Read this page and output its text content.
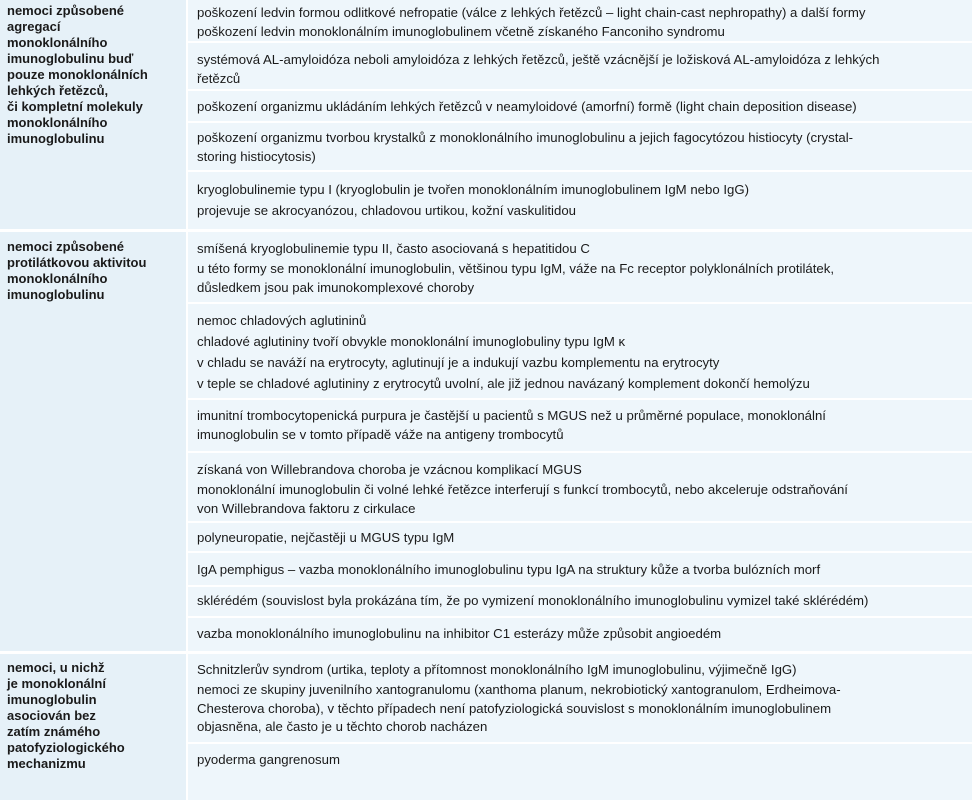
nemoci způsobené
agregací
monoklonálního
imunoglobulinu buď
pouze monoklonálních
lehkých řetězců,
či kompletní molekuly
monoklonálního
imunoglobulinu
poškození ledvin formou odlitkové nefropatie (válce z lehkých řetězců – light chain-cast nephropathy) a další formy
poškození ledvin monoklonálním imunoglobulinem včetně získaného Fanconiho syndromu
systémová AL-amyloidóza neboli amyloidóza z lehkých řetězců, ještě vzácnější je ložisková AL-amyloidóza z lehkých
řetězců
poškození organizmu ukládáním lehkých řetězců v neamyloidové (amorfní) formě (light chain deposition disease)
poškození organizmu tvorbou krystalků z monoklonálního imunoglobulinu a jejich fagocytózou histiocyty (crystal-
storing histiocytosis)
kryoglobulinemie typu I (kryoglobulin je tvořen monoklonálním imunoglobulinem IgM nebo IgG)
projevuje se akrocyanózou, chladovou urtikou, kožní vaskulitidou
nemoci způsobené
protilátkovou aktivitou
monoklonálního
imunoglobulinu
smíšená kryoglobulinemie typu II, často asociovaná s hepatitidou C
u této formy se monoklonální imunoglobulin, většinou typu IgM, váže na Fc receptor polyklonálních protilátek,
důsledkem jsou pak imunokomplexové choroby
nemoc chladových aglutininů
chladové aglutininy tvoří obvykle monoklonální imunoglobuliny typu IgM κ
v chladu se naváží na erytrocyty, aglutinují je a indukují vazbu komplementu na erytrocyty
v teple se chladové aglutininy z erytrocytů uvolní, ale již jednou navázaný komplement dokončí hemolýzu
imunitní trombocytopenická purpura je častější u pacientů s MGUS než u průměrné populace, monoklonální
imunoglobulin se v tomto případě váže na antigeny trombocytů
získaná von Willebrandova choroba je vzácnou komplikací MGUS
monoklonální imunoglobulin či volné lehké řetězce interferují s funkcí trombocytů, nebo akceleruje odstraňování
von Willebrandova faktoru z cirkulace
polyneuropatie, nejčastěji u MGUS typu IgM
IgA pemphigus – vazba monoklonálního imunoglobulinu typu IgA na struktury kůže a tvorba bulózních morf
sklérédém (souvislost byla prokázána tím, že po vymizení monoklonálního imunoglobulinu vymizel také sklérédém)
vazba monoklonálního imunoglobulinu na inhibitor C1 esterázy může způsobit angioedém
nemoci, u nichž
je monoklonální
imunoglobulin
asociován bez
zatím známého
patofyziologického
mechanizmu
Schnitzlerův syndrom (urtika, teploty a přítomnost monoklonálního IgM imunoglobulinu, výjimečně IgG)
nemoci ze skupiny juvenilního xantogranulomu (xanthoma planum, nekrobiotický xantogranulom, Erdheimova-
Chesterova choroba), v těchto případech není patofyziologická souvislost s monoklonálním imunoglobulinem
objasněna, ale často je u těchto chorob nacházen
pyoderma gangrenosum
